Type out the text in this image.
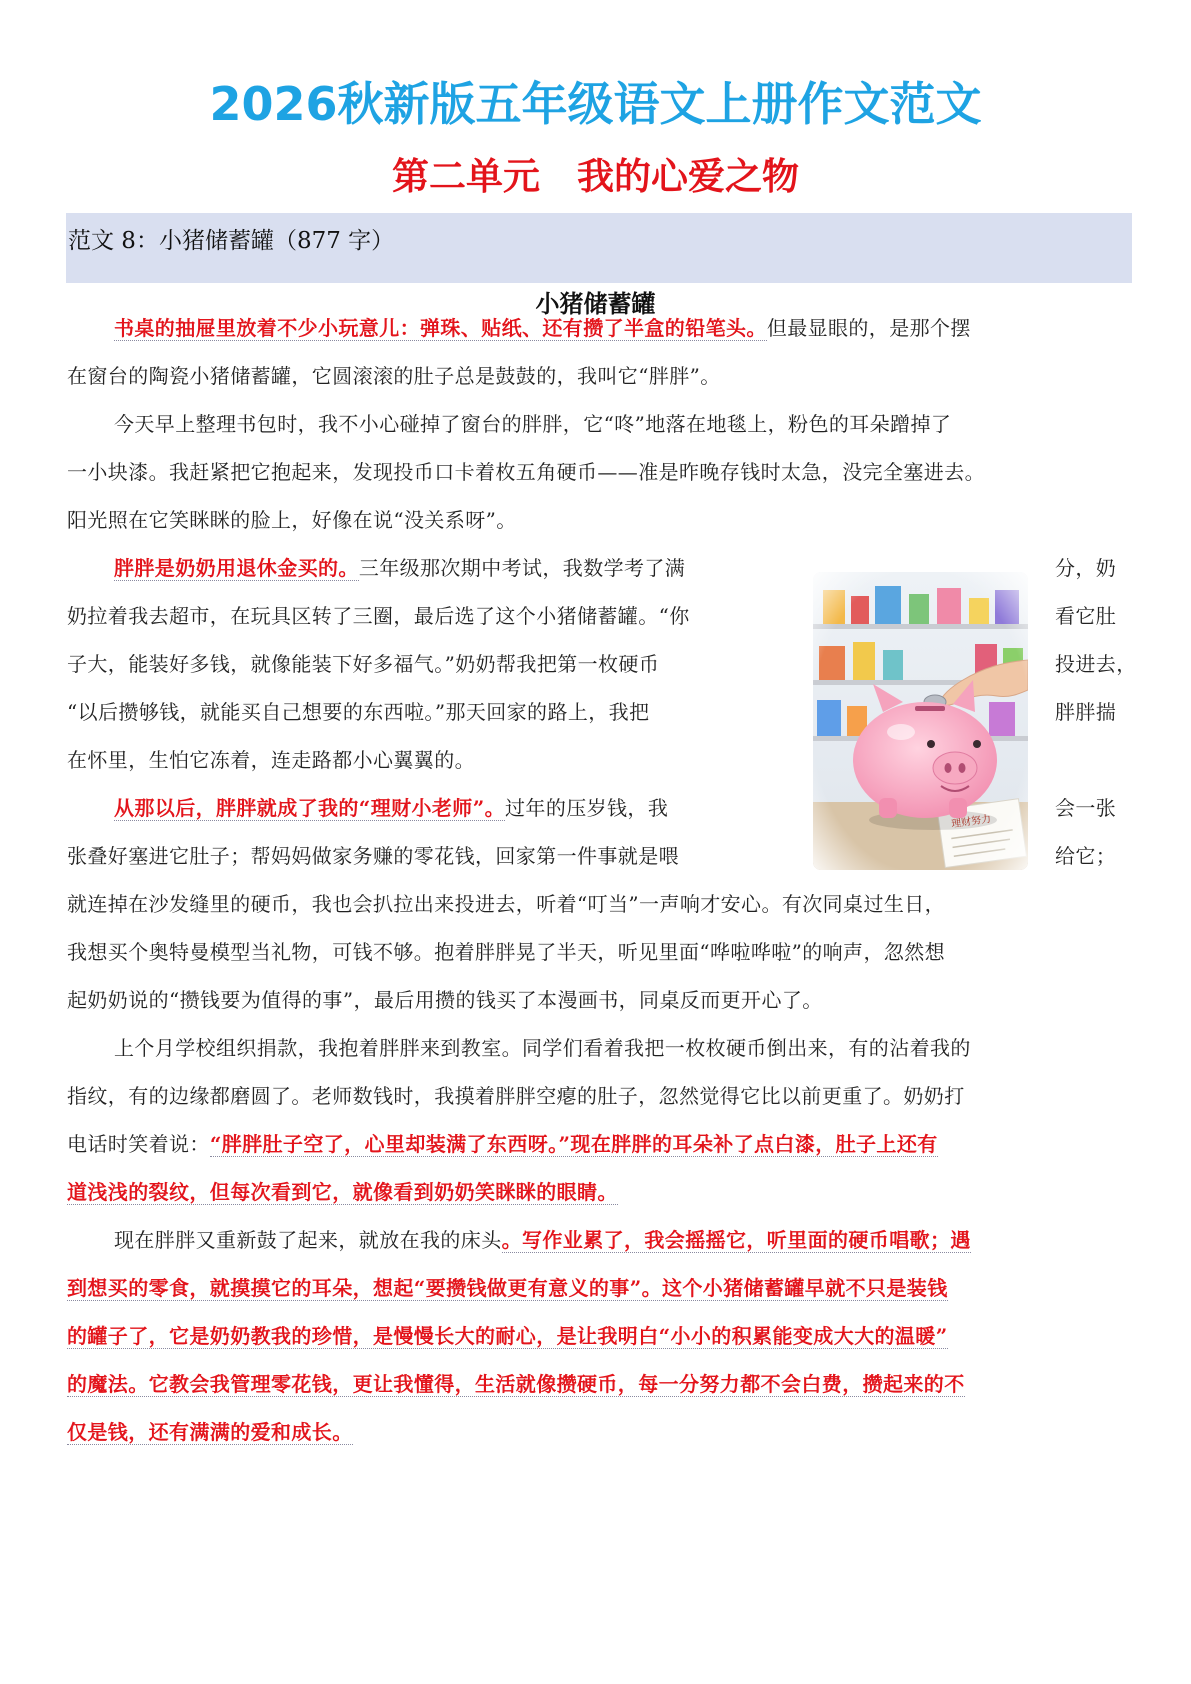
2026秋新版五年级语文上册作文范文
第二单元　我的心爱之物
范文 8：小猪储蓄罐（877 字）
小猪储蓄罐
书桌的抽屉里放着不少小玩意儿：弹珠、贴纸、还有攒了半盒的铅笔头。但最显眼的，是那个摆
在窗台的陶瓷小猪储蓄罐，它圆滚滚的肚子总是鼓鼓的，我叫它“胖胖”。
今天早上整理书包时，我不小心碰掉了窗台的胖胖，它“咚”地落在地毯上，粉色的耳朵蹭掉了
一小块漆。我赶紧把它抱起来，发现投币口卡着枚五角硬币——准是昨晚存钱时太急，没完全塞进去。
阳光照在它笑眯眯的脸上，好像在说“没关系呀”。
胖胖是奶奶用退休金买的。三年级那次期中考试，我数学考了满	分，奶
奶拉着我去超市，在玩具区转了三圈，最后选了这个小猪储蓄罐。“你	看它肚
子大，能装好多钱，就像能装下好多福气。”奶奶帮我把第一枚硬币	投进去，
“以后攒够钱，就能买自己想要的东西啦。”那天回家的路上，我把	胖胖揣
在怀里，生怕它冻着，连走路都小心翼翼的。
从那以后，胖胖就成了我的“理财小老师”。过年的压岁钱，我	会一张
张叠好塞进它肚子；帮妈妈做家务赚的零花钱，回家第一件事就是喂	给它；
就连掉在沙发缝里的硬币，我也会扒拉出来投进去，听着“叮当”一声响才安心。有次同桌过生日，
我想买个奥特曼模型当礼物，可钱不够。抱着胖胖晃了半天，听见里面“哗啦哗啦”的响声，忽然想
起奶奶说的“攒钱要为值得的事”，最后用攒的钱买了本漫画书，同桌反而更开心了。
上个月学校组织捐款，我抱着胖胖来到教室。同学们看着我把一枚枚硬币倒出来，有的沾着我的
指纹，有的边缘都磨圆了。老师数钱时，我摸着胖胖空瘪的肚子，忽然觉得它比以前更重了。奶奶打
电话时笑着说：“胖胖肚子空了，心里却装满了东西呀。”现在胖胖的耳朵补了点白漆，肚子上还有
道浅浅的裂纹，但每次看到它，就像看到奶奶笑眯眯的眼睛。
现在胖胖又重新鼓了起来，就放在我的床头。写作业累了，我会摇摇它，听里面的硬币唱歌；遇
到想买的零食，就摸摸它的耳朵，想起“要攒钱做更有意义的事”。这个小猪储蓄罐早就不只是装钱
的罐子了，它是奶奶教我的珍惜，是慢慢长大的耐心，是让我明白“小小的积累能变成大大的温暖”
的魔法。它教会我管理零花钱，更让我懂得，生活就像攒硬币，每一分努力都不会白费，攒起来的不
仅是钱，还有满满的爱和成长。
